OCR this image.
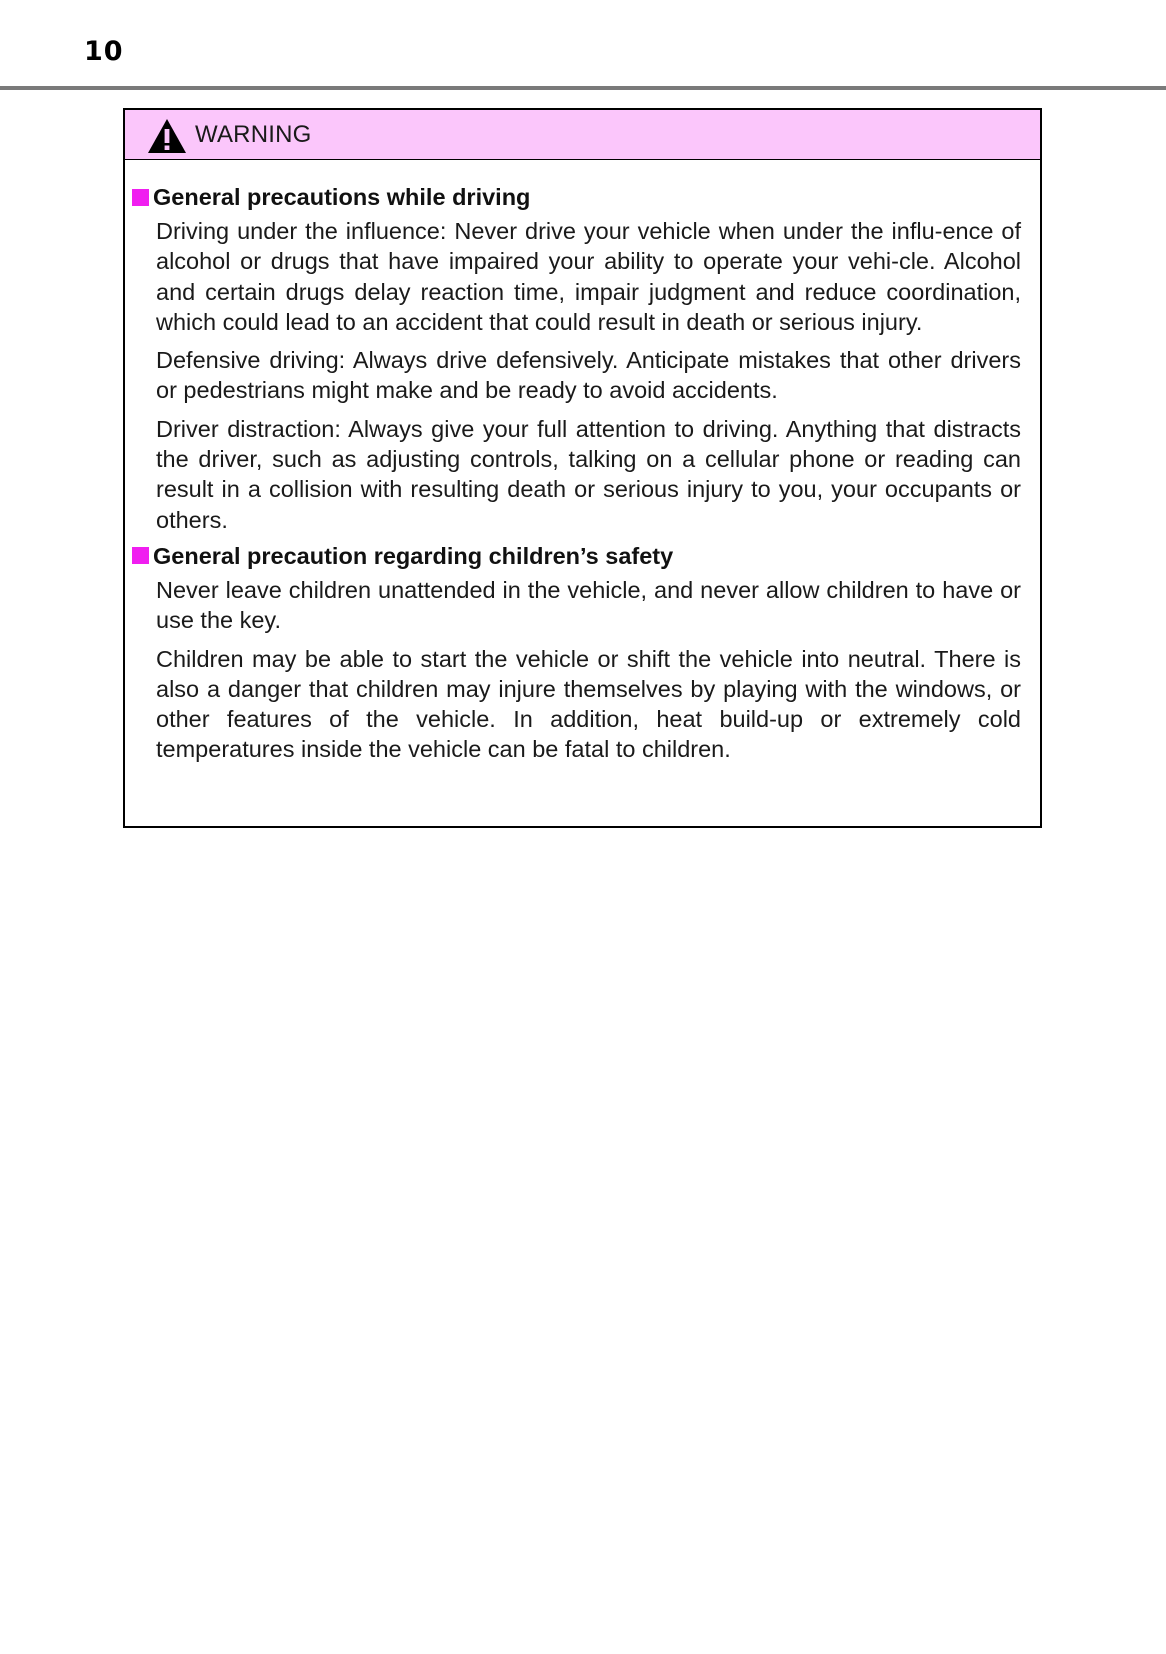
10
WARNING
General precautions while driving

Driving under the influence: Never drive your vehicle when under the influ-ence of alcohol or drugs that have impaired your ability to operate your vehi-cle. Alcohol and certain drugs delay reaction time, impair judgment and reduce coordination, which could lead to an accident that could result in death or serious injury.

Defensive driving: Always drive defensively. Anticipate mistakes that other drivers or pedestrians might make and be ready to avoid accidents.

Driver distraction: Always give your full attention to driving. Anything that distracts the driver, such as adjusting controls, talking on a cellular phone or reading can result in a collision with resulting death or serious injury to you, your occupants or others.

General precaution regarding children’s safety

Never leave children unattended in the vehicle, and never allow children to have or use the key.

Children may be able to start the vehicle or shift the vehicle into neutral. There is also a danger that children may injure themselves by playing with the windows, or other features of the vehicle. In addition, heat build-up or extremely cold temperatures inside the vehicle can be fatal to children.
